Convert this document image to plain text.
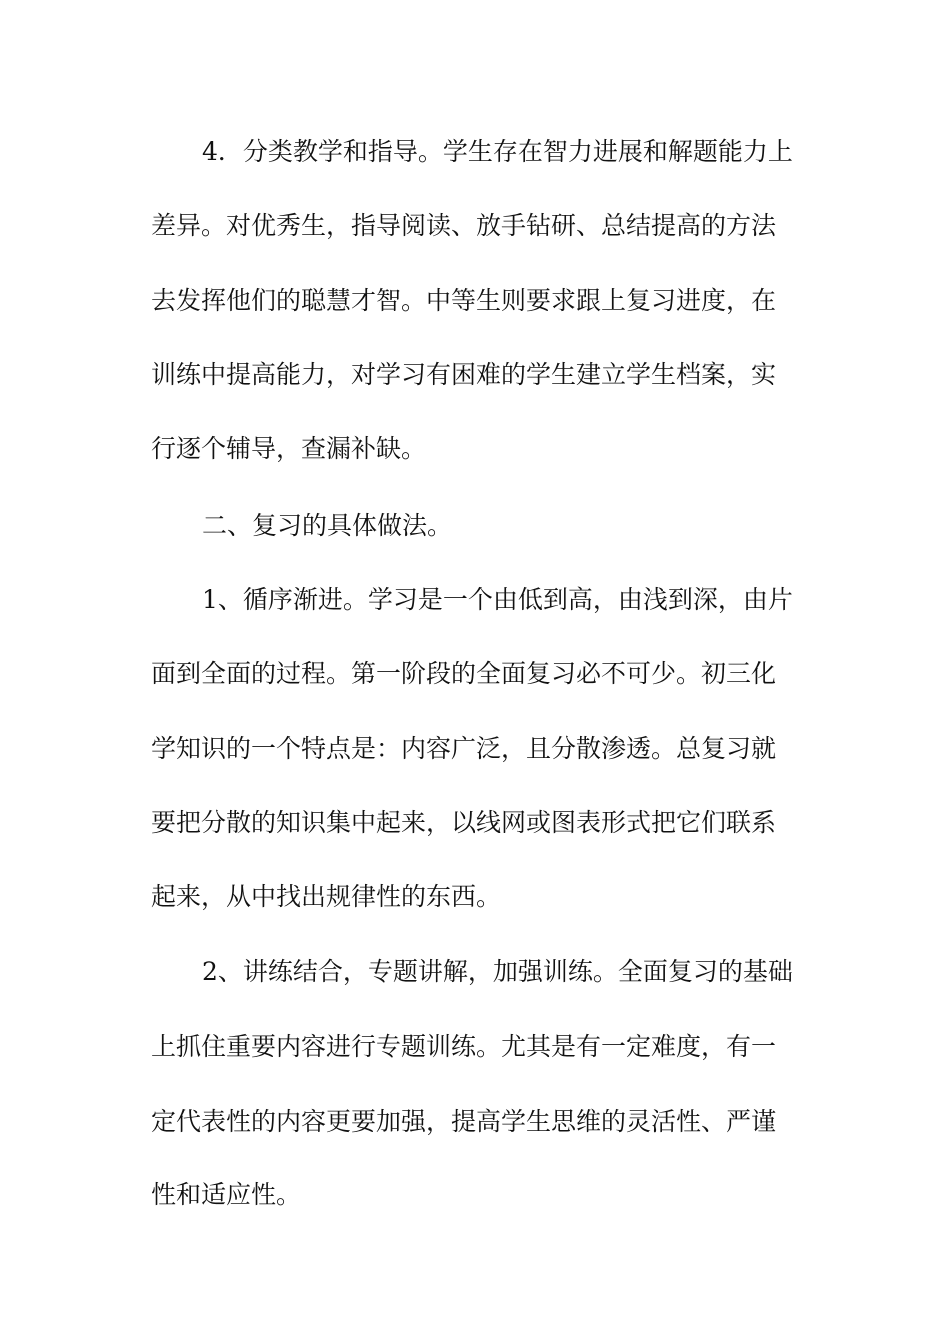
4．分类教学和指导。学生存在智力进展和解题能力上
差异。对优秀生，指导阅读、放手钻研、总结提高的方法
去发挥他们的聪慧才智。中等生则要求跟上复习进度，在
训练中提高能力，对学习有困难的学生建立学生档案，实
行逐个辅导，查漏补缺。
二、复习的具体做法。
1、循序渐进。学习是一个由低到高，由浅到深，由片
面到全面的过程。第一阶段的全面复习必不可少。初三化
学知识的一个特点是：内容广泛，且分散渗透。总复习就
要把分散的知识集中起来，以线网或图表形式把它们联系
起来，从中找出规律性的东西。
2、讲练结合，专题讲解，加强训练。全面复习的基础
上抓住重要内容进行专题训练。尤其是有一定难度，有一
定代表性的内容更要加强，提高学生思维的灵活性、严谨
性和适应性。
